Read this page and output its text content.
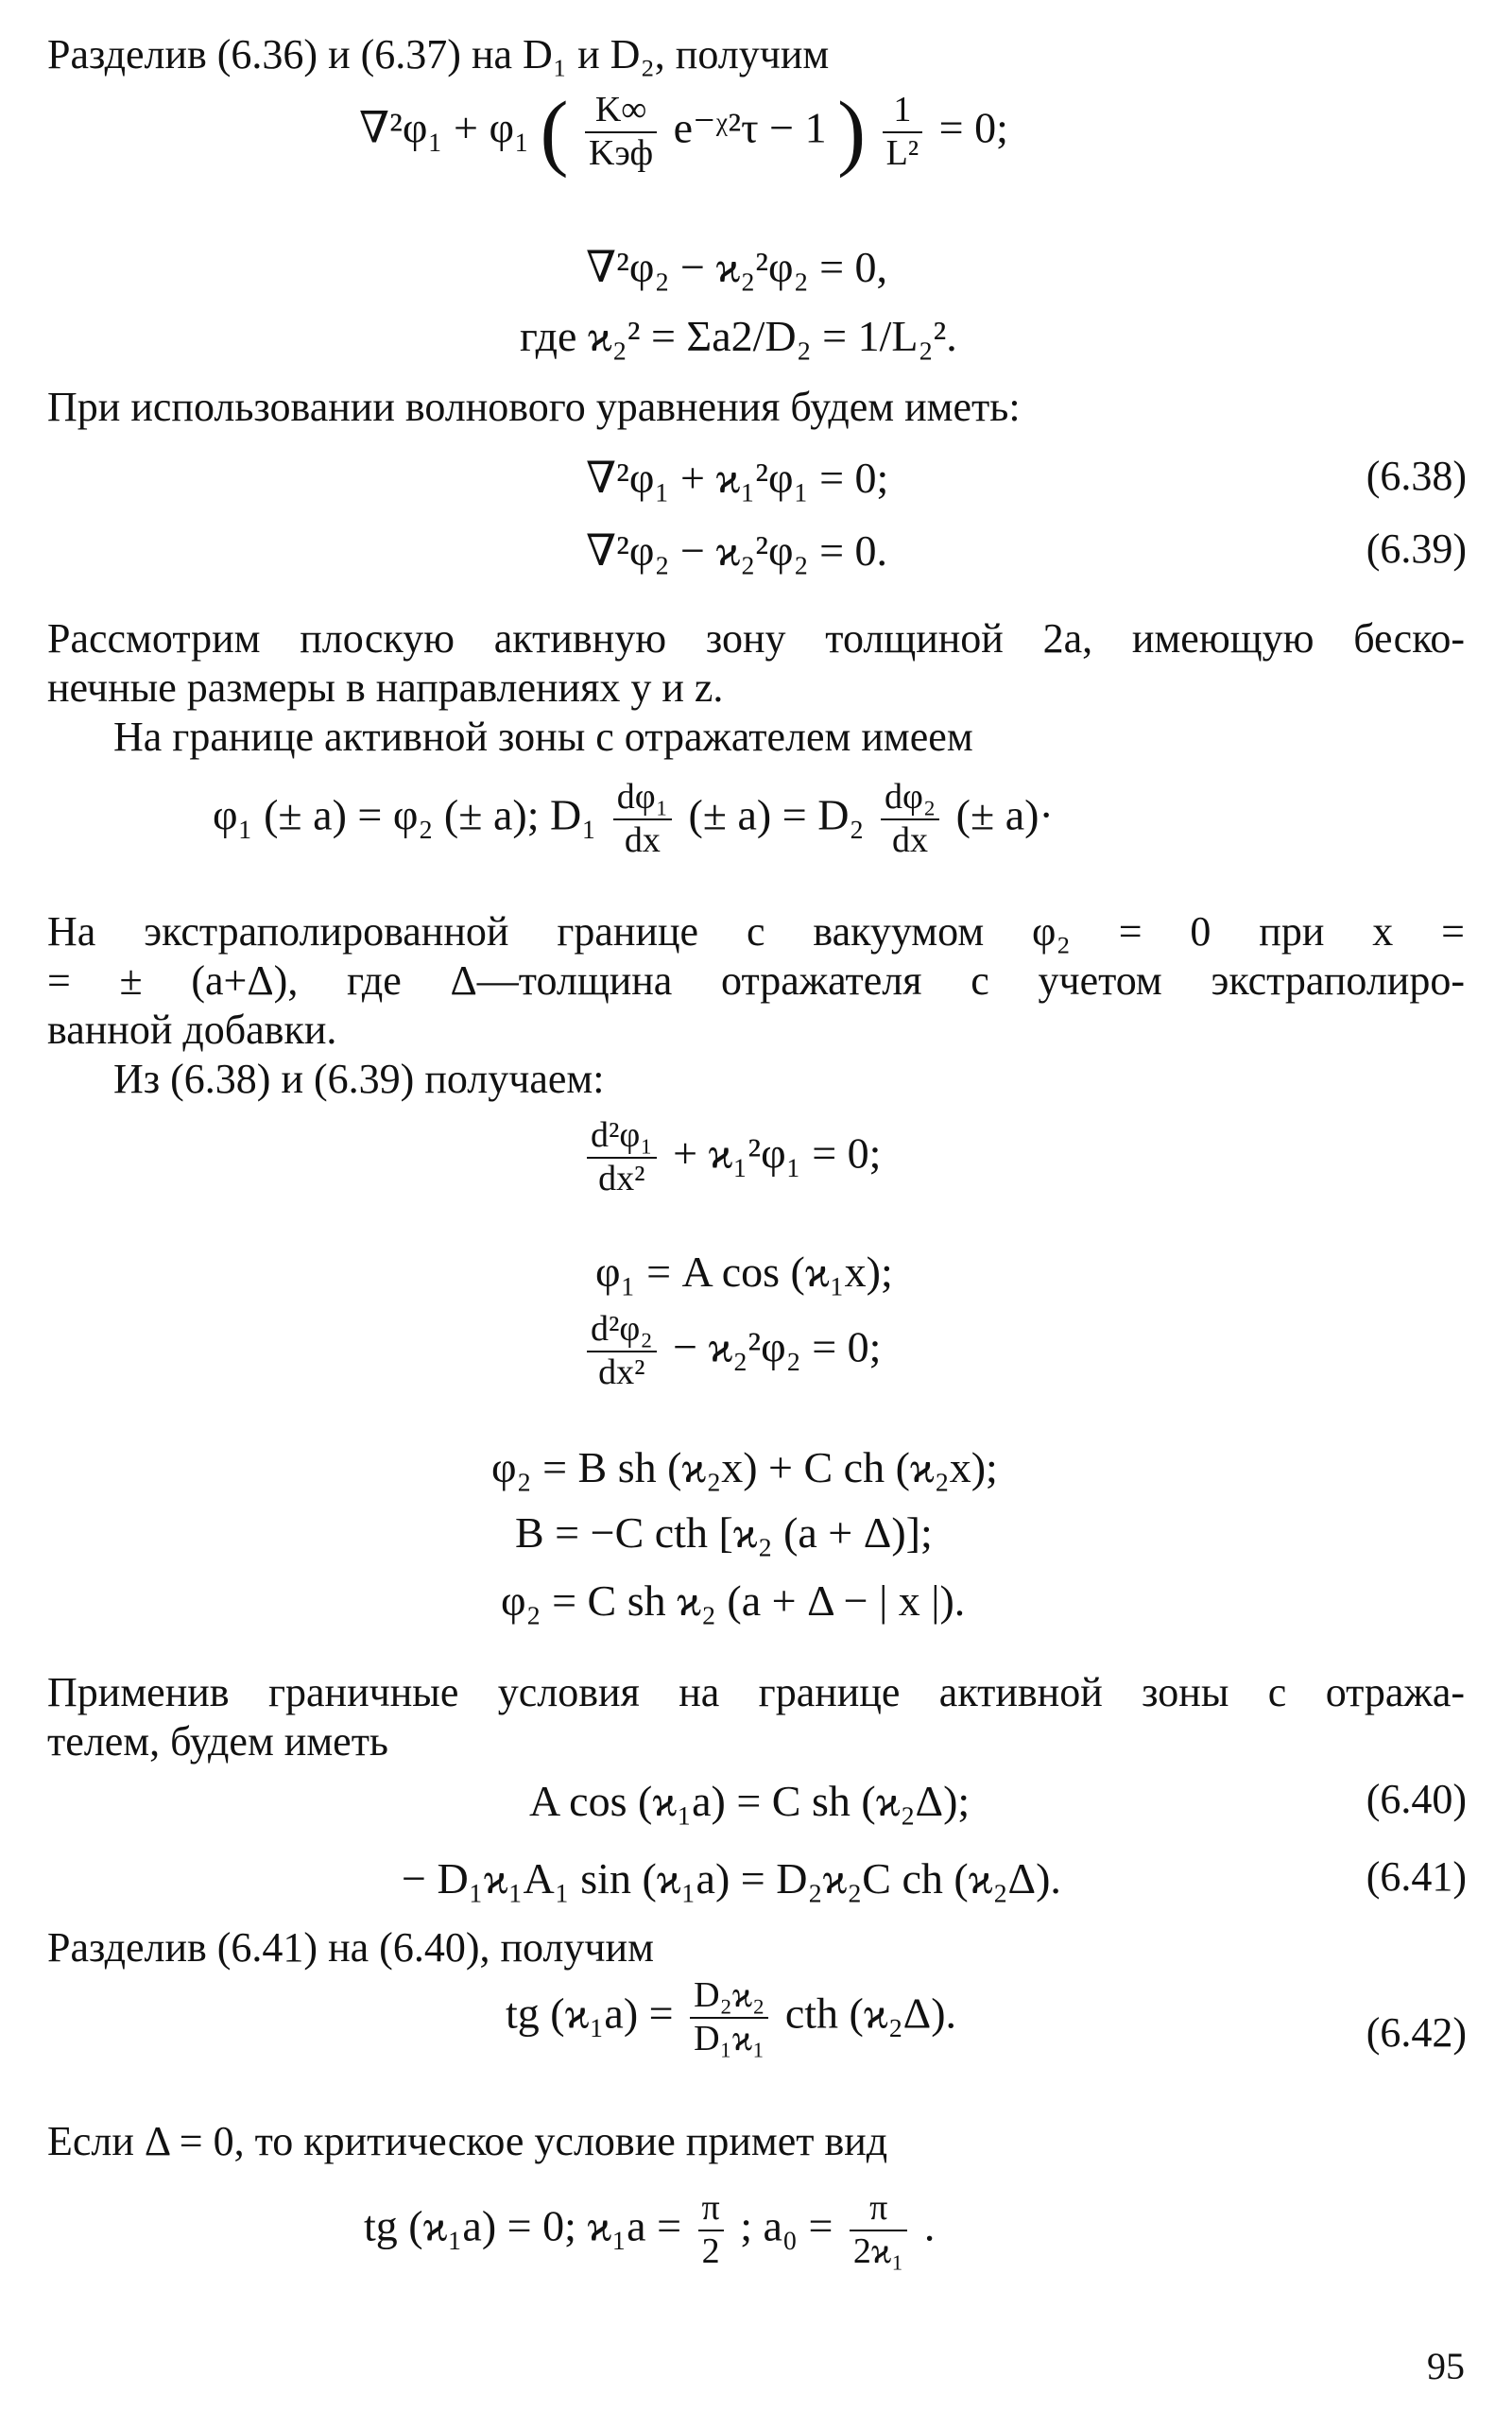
Разделив (6.36) и (6.37) на D₁ и D₂, получим
∇²φ₁ + φ₁ ( $\frac{K\infty}{\text{Kэф}}$ e⁻ᵡ²τ − 1 ) $\frac{1}{\text{L²}} = 0$;
∇²φ₂ − ϰ₂²φ₂ = 0,
где ϰ₂² = Σa2/D₂ = 1/L₂².
При использовании волнового уравнения будем иметь:
∇²φ₁ + ϰ₁²φ₁ = 0;	(6.38)
∇²φ₂ − ϰ₂²φ₂ = 0.	(6.39)
Рассмотрим плоскую активную зону толщиной 2a, имеющую беско-
нечные размеры в направлениях y и z.
На границе активной зоны с отражателем имеем
φ₁ (± a) = φ₂ (± a); $D_1 \frac{\text{dφ₁}}{dx}$ (± $a) = D_2 \frac{\text{dφ₂}}{dx}$ (± a)·
На экстраполированной границе с вакуумом φ₂ = 0 при x =
= ± (a+Δ), где Δ—толщина отражателя с учетом экстраполиро-
ванной добавки.
Из (6.38) и (6.39) получаем:
$\frac{\text{d²φ₁}}{\text{dx²}} + ϰ_1^2\varphi_1 = 0$;
φ₁ = A cos (ϰ₁x);
$\frac{\text{d²φ₂}}{\text{dx²}} - ϰ_2^2\varphi_2 = 0$;
φ₂ = B sh (ϰ₂x) + C ch (ϰ₂x);
B = −C cth [ϰ₂ (a + Δ)];
φ₂ = C sh ϰ₂ (a + Δ − | x |).
Применив граничные условия на границе активной зоны с отража-
телем, будем иметь
A cos (ϰ₁a) = C sh (ϰ₂Δ);	(6.40)
− D₁ϰ₁A₁ sin (ϰ₁a) = D₂ϰ₂C ch (ϰ₂Δ).	(6.41)
Разделив (6.41) на (6.40), получим
tg $(ϰ_1a) = \frac{\text{D₂ϰ₂}}{\text{D₁ϰ₁}}$ cth (ϰ₂Δ).	(6.42)
Если Δ = 0, то критическое условие примет вид
tg (ϰ₁a) = 0; $ϰ_1a = \frac{\pi}{2}$ ; $a_0 = \frac{\pi}{\text{2ϰ₁}}$ .
95
